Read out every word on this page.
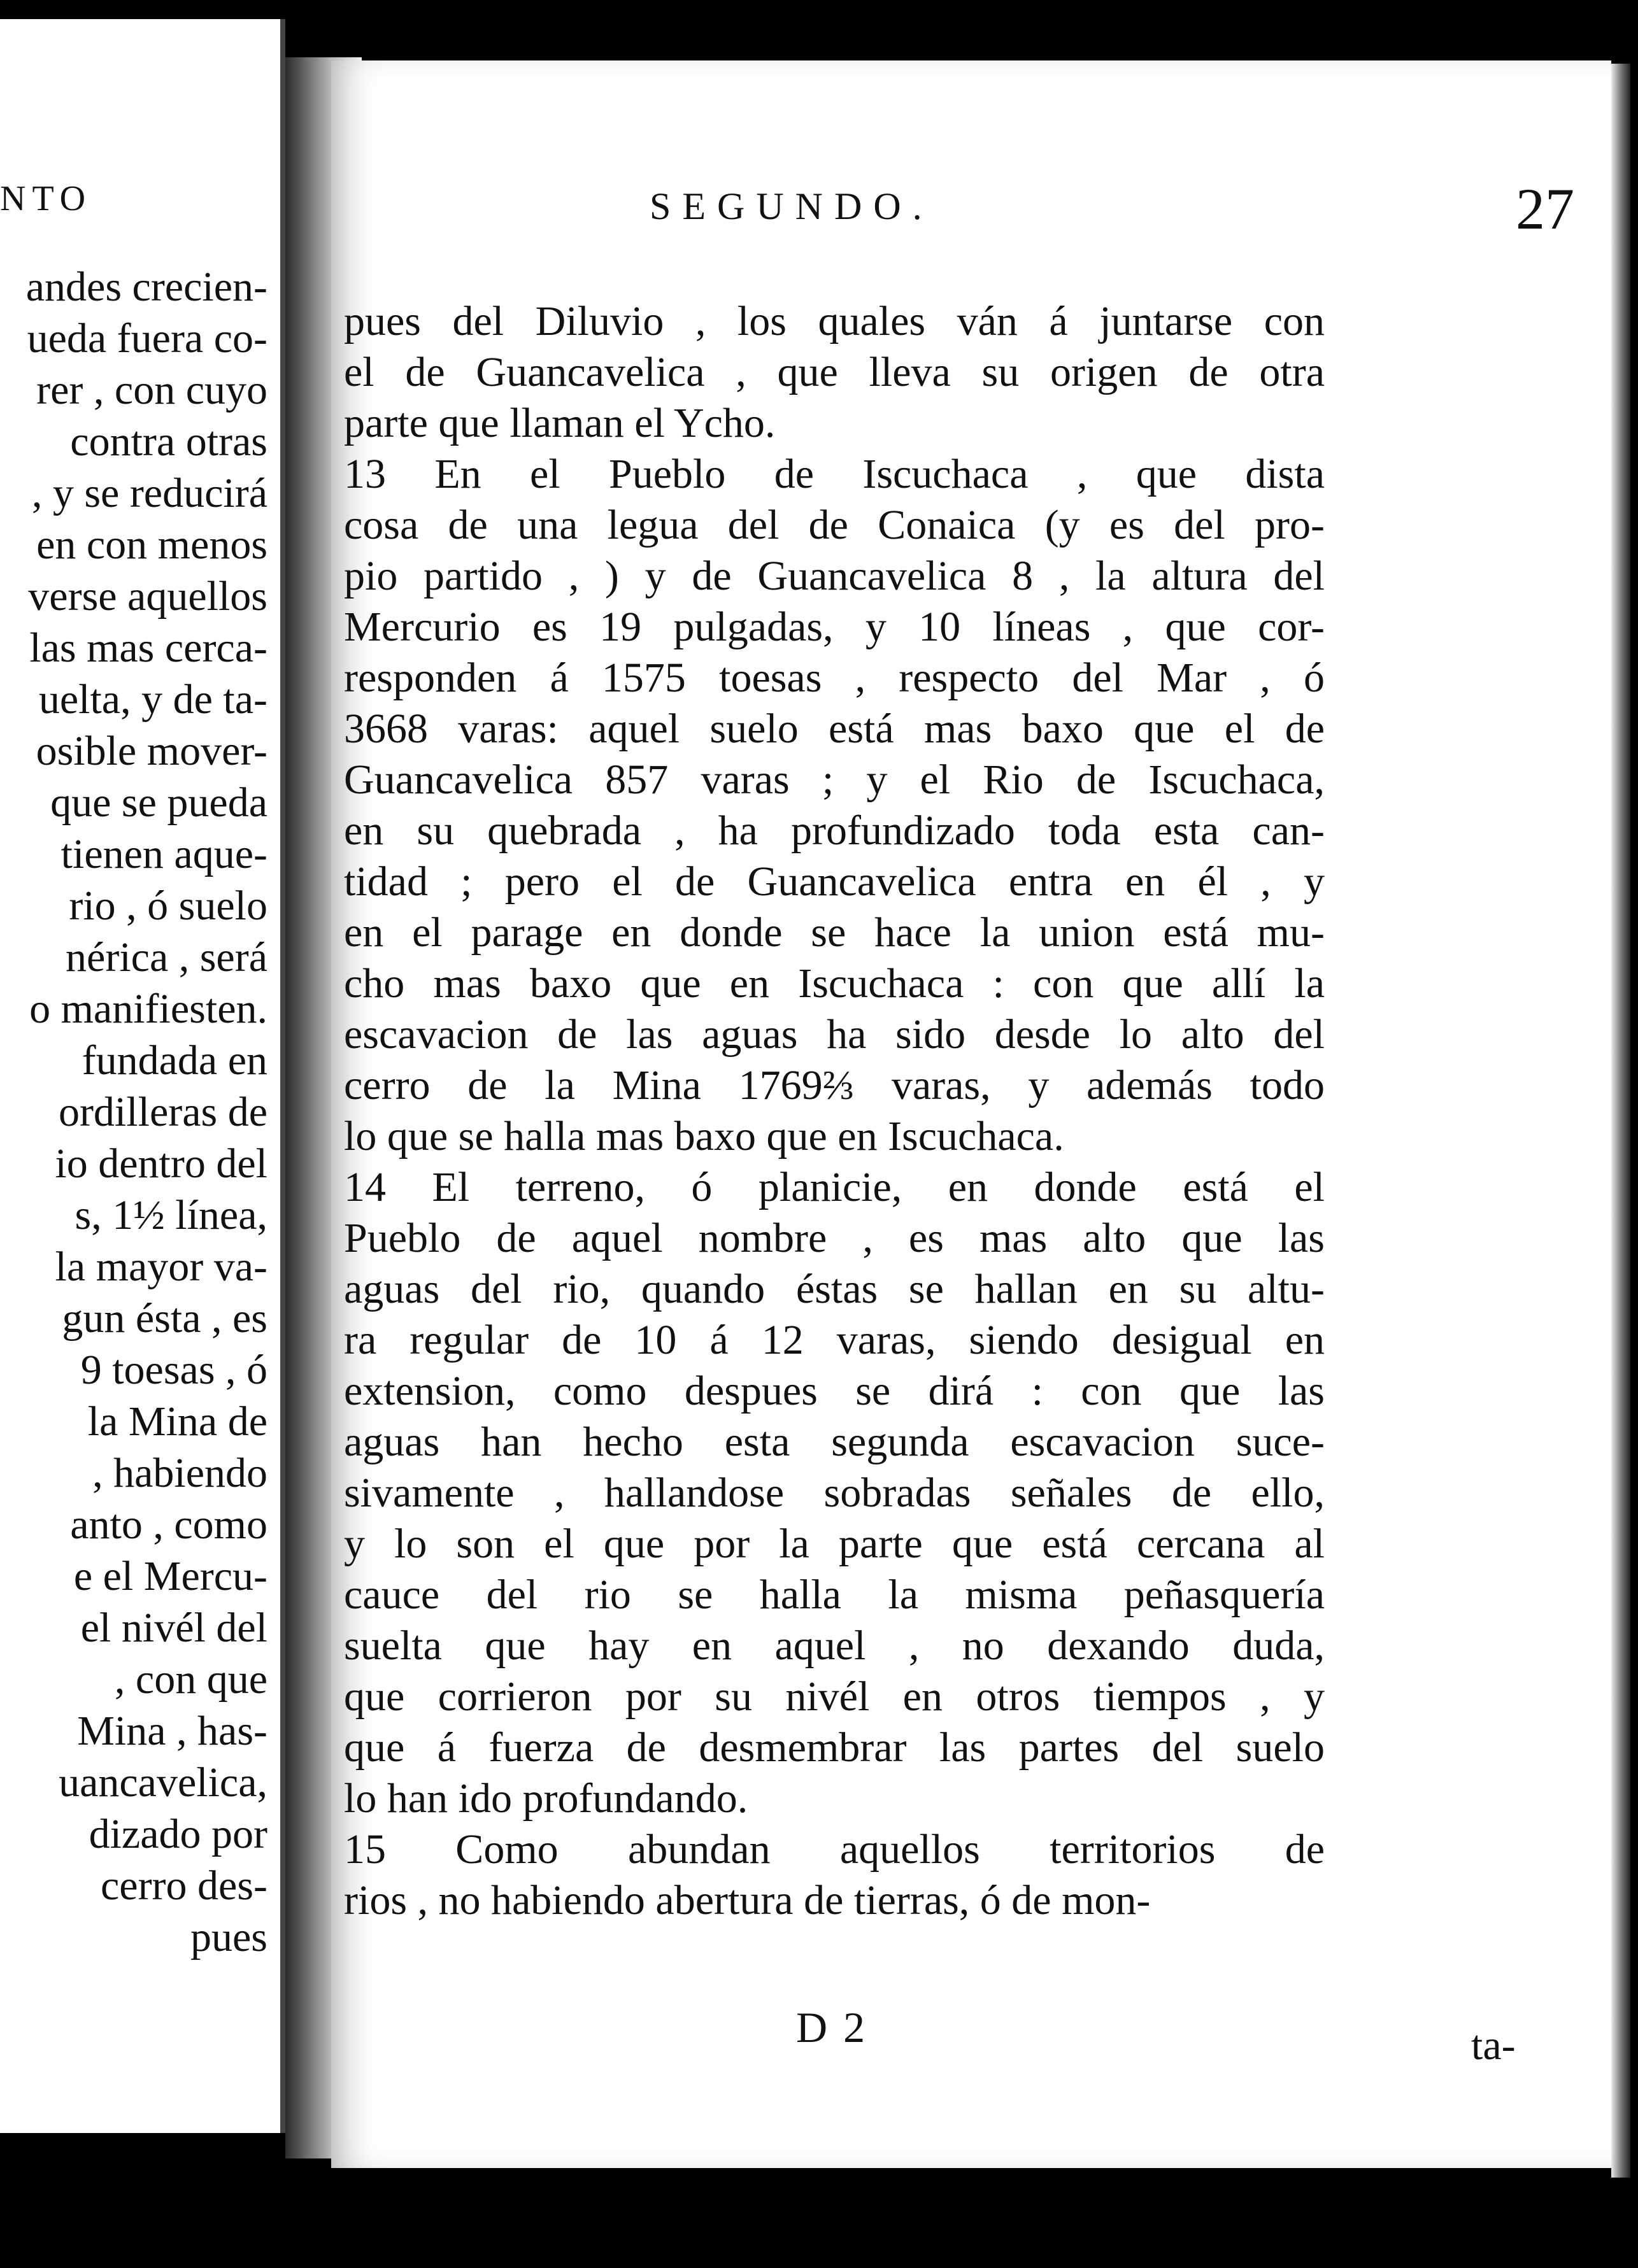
NTO
andes crecien-
ueda fuera co-
rer , con cuyo
contra otras
, y se reducirá
en con menos
verse aquellos
las mas cerca-
uelta, y de ta-
osible mover-
que se pueda
tienen aque-
rio , ó suelo
nérica , será
o manifiesten.
fundada en
ordilleras de
io dentro del
s, 1½ línea,
la mayor va-
gun ésta , es
9 toesas , ó
la Mina de
, habiendo
anto , como
e el Mercu-
el nivél del
, con que
Mina , has-
uancavelica,
dizado por
cerro des-
pues
SEGUNDO.	27
pues del Diluvio , los quales ván á juntarse con
el de Guancavelica , que lleva su origen de otra
parte que llaman el Ycho.
13 En el Pueblo de Iscuchaca , que dista
cosa de una legua del de Conaica (y es del pro-
pio partido , ) y de Guancavelica 8 , la altura del
Mercurio es 19 pulgadas, y 10 líneas , que cor-
responden á 1575 toesas , respecto del Mar , ó
3668 varas: aquel suelo está mas baxo que el de
Guancavelica 857 varas ; y el Rio de Iscuchaca,
en su quebrada , ha profundizado toda esta can-
tidad ; pero el de Guancavelica entra en él , y
en el parage en donde se hace la union está mu-
cho mas baxo que en Iscuchaca : con que allí la
escavacion de las aguas ha sido desde lo alto del
cerro de la Mina 1769⅔ varas, y además todo
lo que se halla mas baxo que en Iscuchaca.
14 El terreno, ó planicie, en donde está el
Pueblo de aquel nombre , es mas alto que las
aguas del rio, quando éstas se hallan en su altu-
ra regular de 10 á 12 varas, siendo desigual en
extension, como despues se dirá : con que las
aguas han hecho esta segunda escavacion suce-
sivamente , hallandose sobradas señales de ello,
y lo son el que por la parte que está cercana al
cauce del rio se halla la misma peñasquería
suelta que hay en aquel , no dexando duda,
que corrieron por su nivél en otros tiempos , y
que á fuerza de desmembrar las partes del suelo
lo han ido profundando.
15 Como abundan aquellos territorios de
rios , no habiendo abertura de tierras, ó de mon-
D 2	ta-
